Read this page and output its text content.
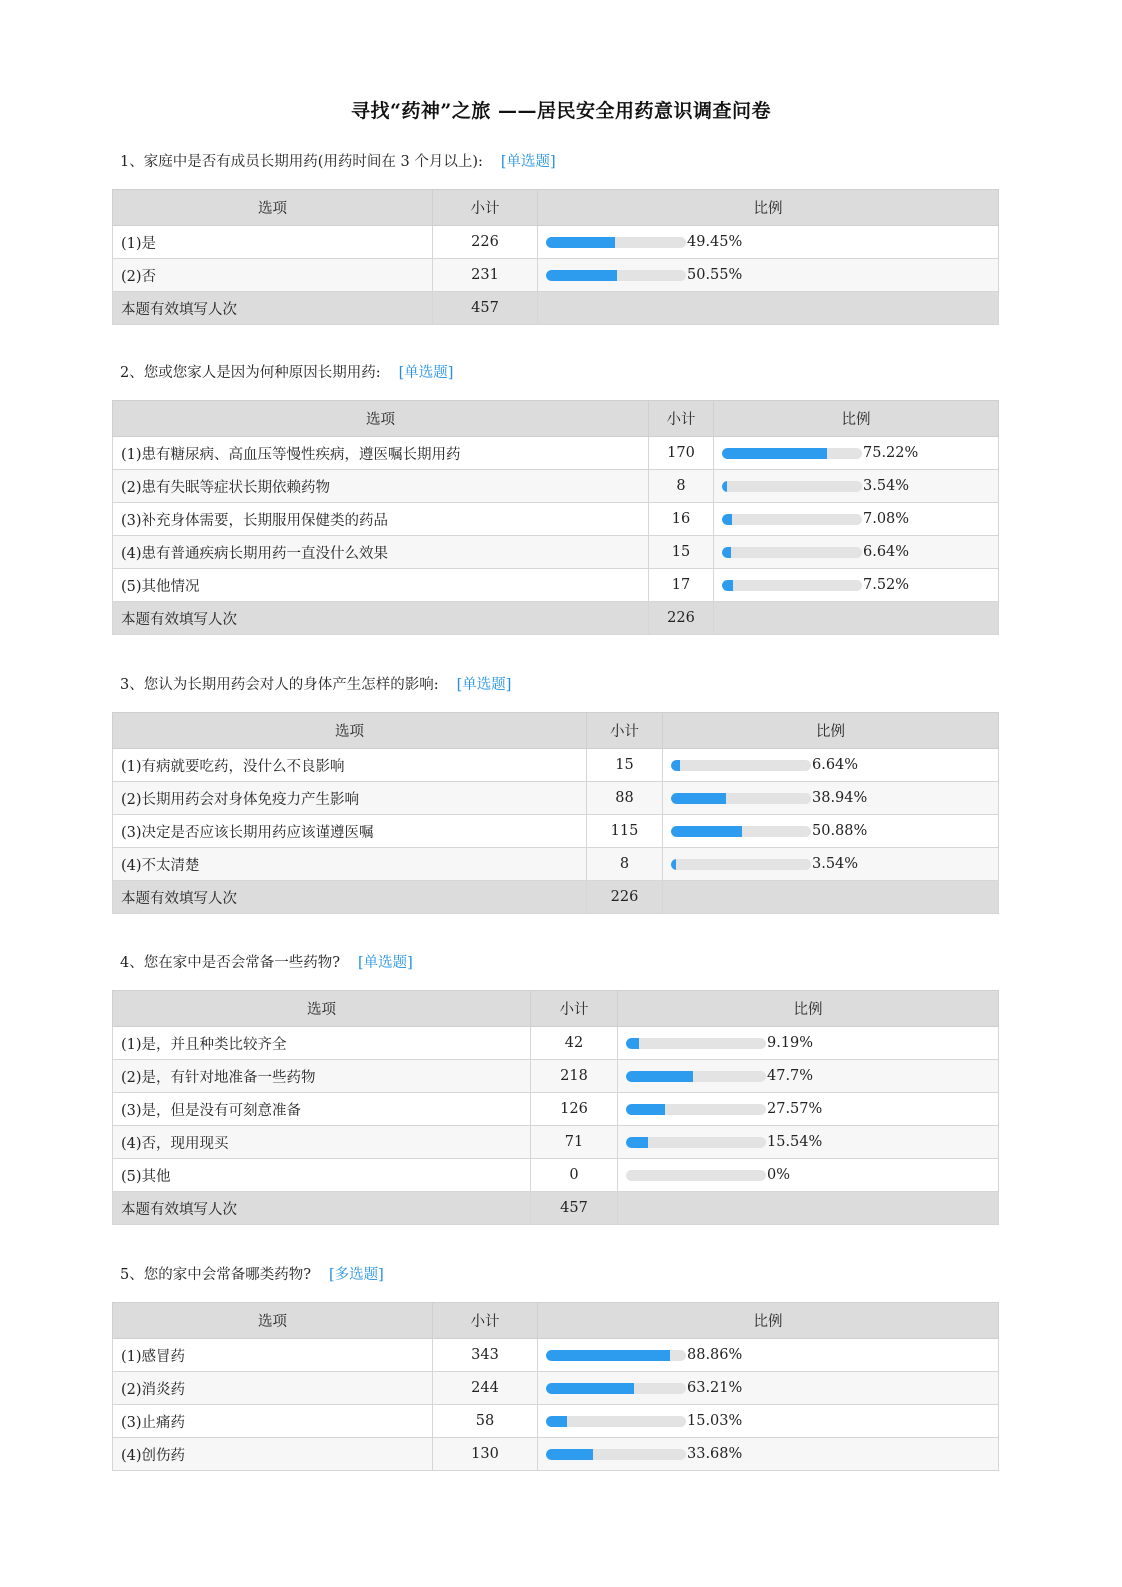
寻找“药神”之旅 ——居民安全用药意识调查问卷
1、家庭中是否有成员长期用药(用药时间在 3 个月以上): [单选题]
选项	小计	比例
(1)是	226	49.45%

(2)否	231	50.55%

本题有效填写人次	457	
2、您或您家人是因为何种原因长期用药: [单选题]
选项	小计	比例
(1)患有糖尿病、高血压等慢性疾病，遵医嘱长期用药	170	75.22%

(2)患有失眠等症状长期依赖药物	8	3.54%

(3)补充身体需要，长期服用保健类的药品	16	7.08%

(4)患有普通疾病长期用药一直没什么效果	15	6.64%

(5)其他情况	17	7.52%

本题有效填写人次	226	
3、您认为长期用药会对人的身体产生怎样的影响: [单选题]
选项	小计	比例
(1)有病就要吃药，没什么不良影响	15	6.64%

(2)长期用药会对身体免疫力产生影响	88	38.94%

(3)决定是否应该长期用药应该谨遵医嘱	115	50.88%

(4)不太清楚	8	3.54%

本题有效填写人次	226	
4、您在家中是否会常备一些药物? [单选题]
选项	小计	比例
(1)是，并且种类比较齐全	42	9.19%

(2)是，有针对地准备一些药物	218	47.7%

(3)是，但是没有可刻意准备	126	27.57%

(4)否，现用现买	71	15.54%

(5)其他	0	0%

本题有效填写人次	457	
5、您的家中会常备哪类药物? [多选题]
选项	小计	比例
(1)感冒药	343	88.86%

(2)消炎药	244	63.21%

(3)止痛药	58	15.03%

(4)创伤药	130	33.68%
